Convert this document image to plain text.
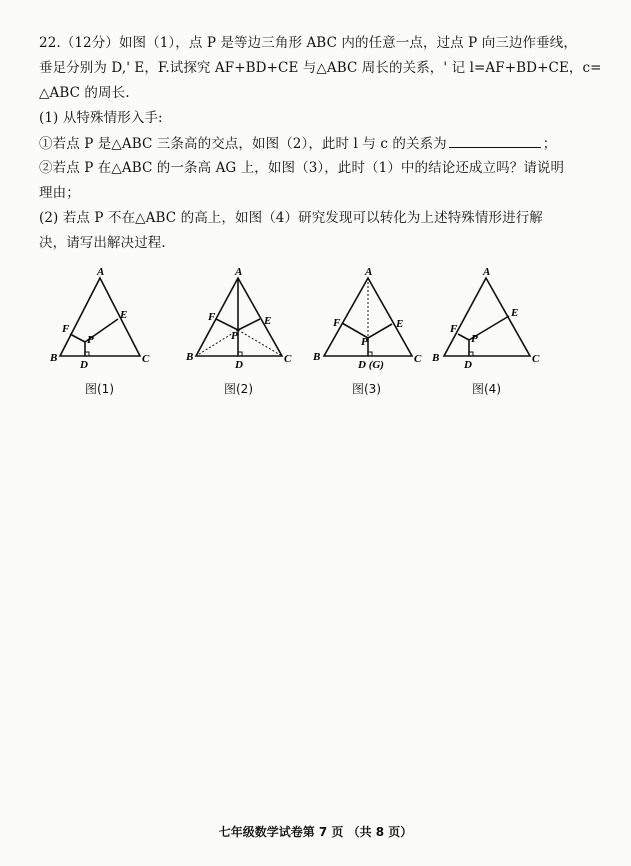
22.（12分）如图（1），点 P 是等边三角形 ABC 内的任意一点，过点 P 向三边作垂线，
垂足分别为 D,' E，F.试探究 AF+BD+CE 与△ABC 周长的关系，' 记 l=AF+BD+CE，c=
△ABC 的周长.
(1) 从特殊情形入手:
①若点 P 是△ABC 三条高的交点，如图（2），此时 l 与 c 的关系为	；
②若点 P 在△ABC 的一条高 AG 上，如图（3），此时（1）中的结论还成立吗？请说明
理由；
(2) 若点 P 不在△ABC 的高上，如图（4）研究发现可以转化为上述特殊情形进行解
决，请写出解决过程.
A
B	C
D
E
F
P
图(1)
A
B	C
D
E
F
P
图(2)
A
B	C
D (G)
E
F
P
图(3)
A
B	C
D
E
F
P
图(4)
七年级数学试卷第 7 页 （共 8 页）
